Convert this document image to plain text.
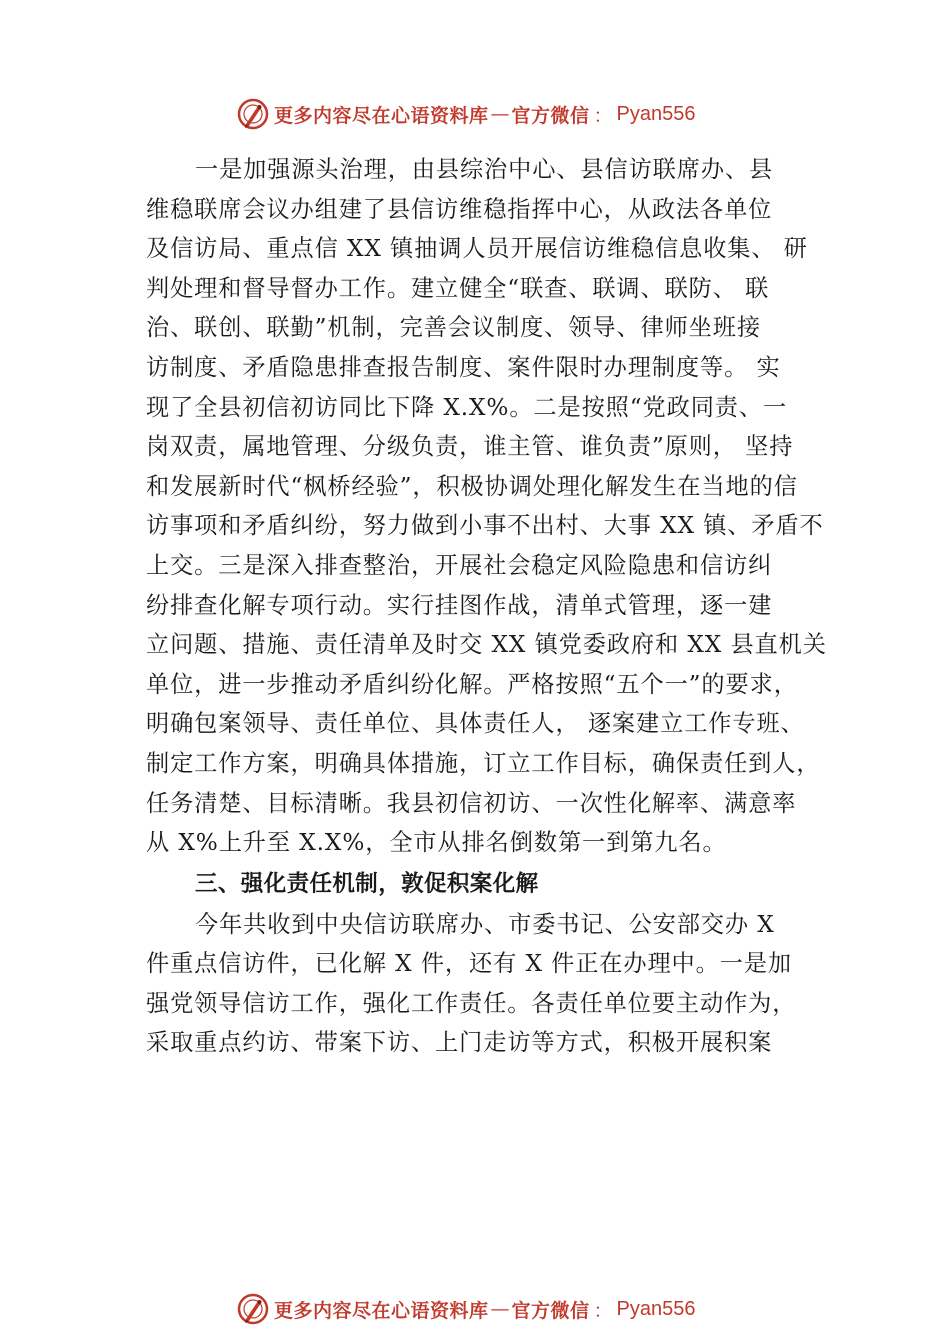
更多内容尽在心语资料库 — 官方微信 ： Pyan556
一是加强源头治理，由县综治中心、县信访联席办、县
维稳联席会议办组建了县信访维稳指挥中心，从政法各单位
及信访局、重点信 XX 镇抽调人员开展信访维稳信息收集、 研
判处理和督导督办工作。建立健全“联查、联调、联防、 联
治、联创、联勤”机制，完善会议制度、领导、律师坐班接
访制度、矛盾隐患排查报告制度、案件限时办理制度等。 实
现了全县初信初访同比下降 X.X%。二是按照“党政同责、一
岗双责，属地管理、分级负责，谁主管、谁负责”原则， 坚持
和发展新时代“枫桥经验”，积极协调处理化解发生在当地的信
访事项和矛盾纠纷，努力做到小事不出村、大事 XX 镇、矛盾不
上交。三是深入排查整治，开展社会稳定风险隐患和信访纠
纷排查化解专项行动。实行挂图作战，清单式管理，逐一建
立问题、措施、责任清单及时交 XX 镇党委政府和 XX 县直机关
单位，进一步推动矛盾纠纷化解。严格按照“五个一”的要求，
明确包案领导、责任单位、具体责任人， 逐案建立工作专班、
制定工作方案，明确具体措施，订立工作目标，确保责任到人，
任务清楚、目标清晰。我县初信初访、一次性化解率、满意率
从 X%上升至 X.X%，全市从排名倒数第一到第九名。
三、强化责任机制，敦促积案化解
今年共收到中央信访联席办、市委书记、公安部交办 X
件重点信访件，已化解 X 件，还有 X 件正在办理中。一是加
强党领导信访工作，强化工作责任。各责任单位要主动作为，
采取重点约访、带案下访、上门走访等方式，积极开展积案
更多内容尽在心语资料库 — 官方微信 ： Pyan556
